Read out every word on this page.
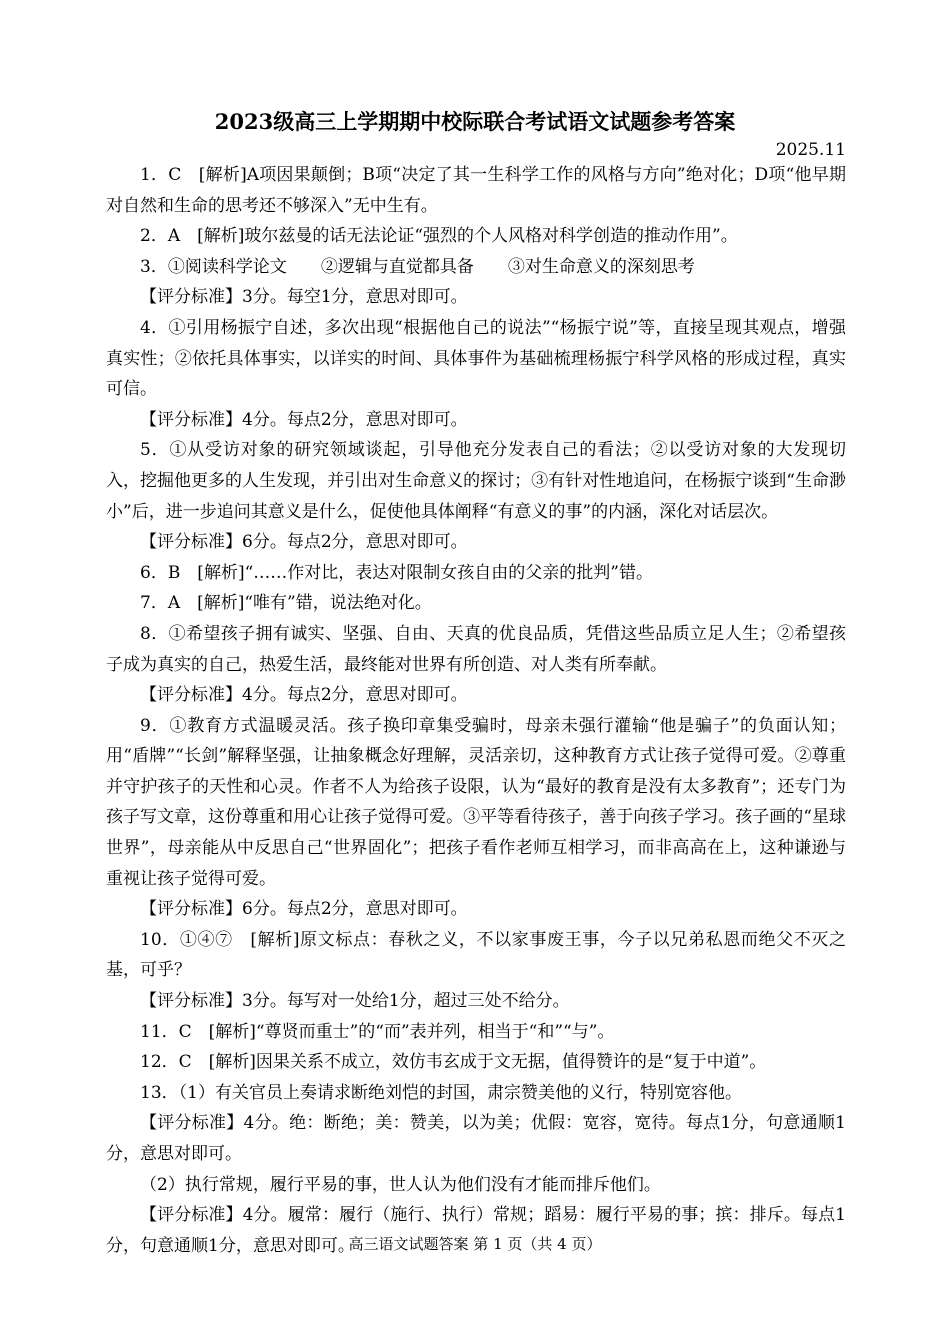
2023级高三上学期期中校际联合考试语文试题参考答案
2025.11

1．C　[解析]A项因果颠倒；B项“决定了其一生科学工作的风格与方向”绝对化；D项“他早期对自然和生命的思考还不够深入”无中生有。

2．A　[解析]玻尔兹曼的话无法论证“强烈的个人风格对科学创造的推动作用”。

3．①阅读科学论文　　②逻辑与直觉都具备　　③对生命意义的深刻思考

【评分标准】3分。每空1分，意思对即可。

4．①引用杨振宁自述，多次出现“根据他自己的说法”“杨振宁说”等，直接呈现其观点，增强真实性；②依托具体事实，以详实的时间、具体事件为基础梳理杨振宁科学风格的形成过程，真实可信。

【评分标准】4分。每点2分，意思对即可。

5．①从受访对象的研究领域谈起，引导他充分发表自己的看法；②以受访对象的大发现切入，挖掘他更多的人生发现，并引出对生命意义的探讨；③有针对性地追问，在杨振宁谈到“生命渺小”后，进一步追问其意义是什么，促使他具体阐释“有意义的事”的内涵，深化对话层次。

【评分标准】6分。每点2分，意思对即可。

6．B　[解析]“……作对比，表达对限制女孩自由的父亲的批判”错。

7．A　[解析]“唯有”错，说法绝对化。

8．①希望孩子拥有诚实、坚强、自由、天真的优良品质，凭借这些品质立足人生；②希望孩子成为真实的自己，热爱生活，最终能对世界有所创造、对人类有所奉献。

【评分标准】4分。每点2分，意思对即可。

9．①教育方式温暖灵活。孩子换印章集受骗时，母亲未强行灌输“他是骗子”的负面认知；用“盾牌”“长剑”解释坚强，让抽象概念好理解，灵活亲切，这种教育方式让孩子觉得可爱。②尊重并守护孩子的天性和心灵。作者不人为给孩子设限，认为“最好的教育是没有太多教育”；还专门为孩子写文章，这份尊重和用心让孩子觉得可爱。③平等看待孩子，善于向孩子学习。孩子画的“星球世界”，母亲能从中反思自己“世界固化”；把孩子看作老师互相学习，而非高高在上，这种谦逊与重视让孩子觉得可爱。

【评分标准】6分。每点2分，意思对即可。

10．①④⑦　[解析]原文标点：春秋之义，不以家事废王事，今子以兄弟私恩而绝父不灭之基，可乎？

【评分标准】3分。每写对一处给1分，超过三处不给分。

11．C　[解析]“尊贤而重士”的“而”表并列，相当于“和”“与”。

12．C　[解析]因果关系不成立，效仿韦玄成于文无据，值得赞许的是“复于中道”。

13．（1）有关官员上奏请求断绝刘恺的封国，肃宗赞美他的义行，特别宽容他。

【评分标准】4分。绝：断绝；美：赞美，以为美；优假：宽容，宽待。每点1分，句意通顺1分，意思对即可。

（2）执行常规，履行平易的事，世人认为他们没有才能而排斥他们。

【评分标准】4分。履常：履行（施行、执行）常规；蹈易：履行平易的事；摈：排斥。每点1分，句意通顺1分，意思对即可。

高三语文试题答案 第 1 页（共 4 页）
